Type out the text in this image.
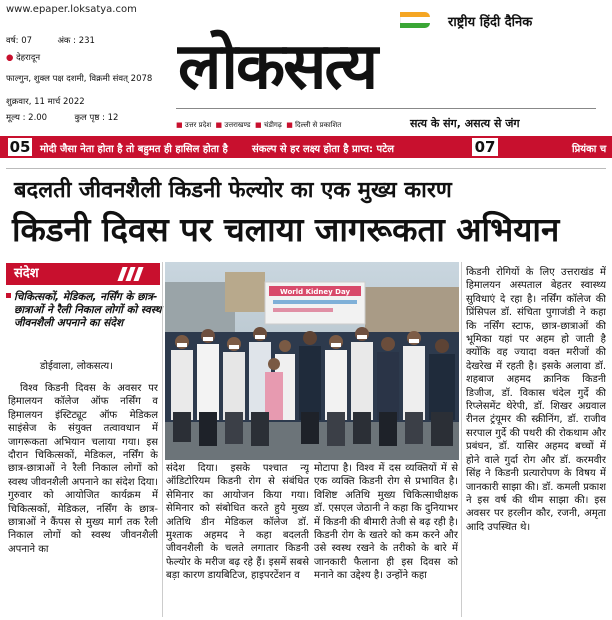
www.epaper.loksatya.com
वर्ष: 07	अंक : 231
● देहरादून
फाल्गुन, शुक्ल पक्ष दशमी, विक्रमी संवत् 2078
शुक्रवार, 11 मार्च 2022
मूल्य : 2.00	कुल पृष्ठ : 12
राष्ट्रीय हिंदी दैनिक
लोकसत्य
■ उत्तर प्रदेश ■ उत्तराखण्ड ■ चंडीगढ़ ■ दिल्ली से प्रकाशित	सत्य के संग, असत्य से जंग
05 मोदी जैसा नेता होता है तो बहुमत ही हासिल होता है संकल्प से हर लक्ष्य होता है प्राप्त: पटेल	07	प्रियंका च
बदलती जीवनशैली किडनी फेल्योर का एक मुख्य कारण
किडनी दिवस पर चलाया जागरूकता अभियान
संदेश
चिकित्सकों, मेडिकल, नर्सिंग के छात्र-छात्राओं ने रैली निकाल लोगों को स्वस्थ जीवनशैली अपनाने का संदेश
डोईवाला, लोकसत्य।
World Kidney Day

विश्व किडनी दिवस के अवसर पर हिमालयन कॉलेज ऑफ नर्सिंग व हिमालयन इंस्टिट्यूट ऑफ मेडिकल साइंसेज के संयुक्त तत्वावधान में जागरूकता अभियान चलाया गया। इस दौरान चिकित्सकों, मेडिकल, नर्सिंग के छात्र-छात्राओं ने रैली निकाल लोगों को स्वस्थ जीवनशैली अपनाने का संदेश दिया।गुरुवार को आयोजित कार्यक्रम में चिकित्सकों, मेडिकल, नर्सिंग के छात्र-छात्राओं ने कैंपस से मुख्य मार्ग तक रैली निकाल लोगों को स्वस्थ जीवनशैली अपनाने का

संदेश दिया। इसके पश्चात न्यू ऑडिटोरियम किडनी रोग से संबंधित सेमिनार का आयोजन किया गया। सेमिनार को संबोधित करते हुये मुख्य अतिथि डीन मेडिकल कॉलेज डॉ. मुश्ताक अहमद ने कहा बदलती जीवनशैली के चलते लगातार किडनी फेल्योर के मरीज बढ़ रहे हैं। इसमें सबसे बड़ा कारण डायबिटिज, हाइपरटेंशन व

मोटापा है। विश्व में दस व्यक्तियों में से एक व्यक्ति किडनी रोग से प्रभावित है। विशिष्ट अतिथि मुख्य चिकित्साधीक्षक डॉ. एसएल जेठानी ने कहा कि दुनियाभर में किडनी की बीमारी तेजी से बढ़ रही है। किडनी रोग के खतरे को कम करने और उसे स्वस्थ रखने के तरीको के बारे में जानकारी फैलाना ही इस दिवस को मनाने का उद्देश्य है। उन्होंने कहा

किडनी रोगियों के लिए उत्तराखंड में हिमालयन अस्पताल बेहतर स्वास्थ्य सुविधाएं दे रहा है। नर्सिंग कॉलेज की प्रिंसिपल डॉ. संचिता पुगाजंडी ने कहा कि नर्सिंग स्टाफ, छात्र-छात्राओं की भूमिका यहां पर अहम हो जाती है क्योंकि वह ज्यादा वक्त मरीजों की देखरेख में रहती है। इसके अलावा डॉ. शहबाज अहमद क्रानिक किडनी डिजीज, डॉ. विकास चंदेल गुर्दे की रिप्लेसमेंट थेरेपी, डॉ. शिखर अग्रवाल रीनल ट्रंयूमर की स्क्रीनिंग, डॉ. राजीव सरपाल गुर्दे की पथरी की रोकथाम और प्रबंधन, डॉ. यासिर अहमद बच्चों में होने वाले गुर्दा रोग और डॉ. करमवीर सिंह ने किडनी प्रत्यारोपण के विषय में जानकारी साझा की। डॉ. कमली प्रकाश ने इस वर्ष की थीम साझा की। इस अवसर पर हरलीन कौर, रजनी, अमृता आदि उपस्थित थे।
